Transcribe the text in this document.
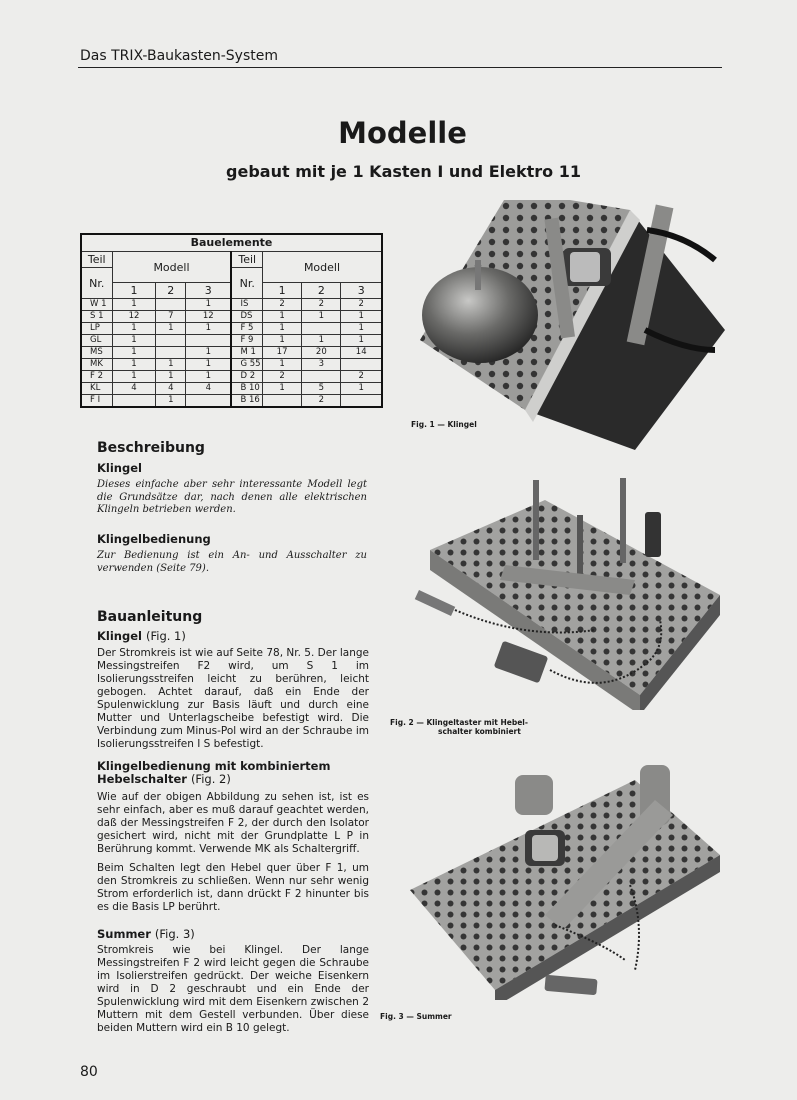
Das TRIX-Baukasten-System
Modelle
gebaut mit je 1 Kasten I und Elektro 11
Bauelemente							
Teil	Modell			Teil	Modell		
Nr.				Nr.			
	1	2	3		1	2	3
W 1	1		1	IS	2	2	2
S 1	12	7	12	DS	1	1	1
LP	1	1	1	F 5	1		1
GL	1			F 9	1	1	1
MS	1		1	M 1	17	20	14
MK	1	1	1	G 55	1	3	
F 2	1	1	1	D 2	2		2
KL	4	4	4	B 10	1	5	1
F I		1		B 16		2	
Beschreibung
Klingel
Dieses einfache aber sehr interessante Modell legt die Grundsätze dar, nach denen alle elektrischen Klingeln betrieben werden.
Klingelbedienung
Zur Bedienung ist ein An- und Ausschalter zu verwenden (Seite 79).
Bauanleitung
Klingel (Fig. 1)
Der Stromkreis ist wie auf Seite 78, Nr. 5. Der lange Messingstreifen F2 wird, um S 1 im Isolierungsstreifen leicht zu berühren, leicht gebogen. Achtet darauf, daß ein Ende der Spulenwicklung zur Basis läuft und durch eine Mutter und Unterlagscheibe befestigt wird. Die Verbindung zum Minus-Pol wird an der Schraube im Isolierungsstreifen I S befestigt.
Klingelbedienung mit kombiniertem
Hebelschalter (Fig. 2)
Wie auf der obigen Abbildung zu sehen ist, ist es sehr einfach, aber es muß darauf geachtet werden, daß der Messingstreifen F 2, der durch den Isolator gesichert wird, nicht mit der Grundplatte L P in Berührung kommt. Verwende MK als Schaltergriff.
Beim Schalten legt den Hebel quer über F 1, um den Stromkreis zu schließen. Wenn nur sehr wenig Strom erforderlich ist, dann drückt F 2 hinunter bis es die Basis LP berührt.
Summer (Fig. 3)
Stromkreis wie bei Klingel. Der lange Messingstreifen F 2 wird leicht gegen die Schraube im Isolierstreifen gedrückt. Der weiche Eisenkern wird in D 2 geschraubt und ein Ende der Spulenwicklung wird mit dem Eisenkern zwischen 2 Muttern mit dem Gestell verbunden. Über diese beiden Muttern wird ein B 10 gelegt.
80
Fig. 1 — Klingel
Fig. 2 — Klingeltaster mit Hebel-
schalter kombiniert
Fig. 3 — Summer
